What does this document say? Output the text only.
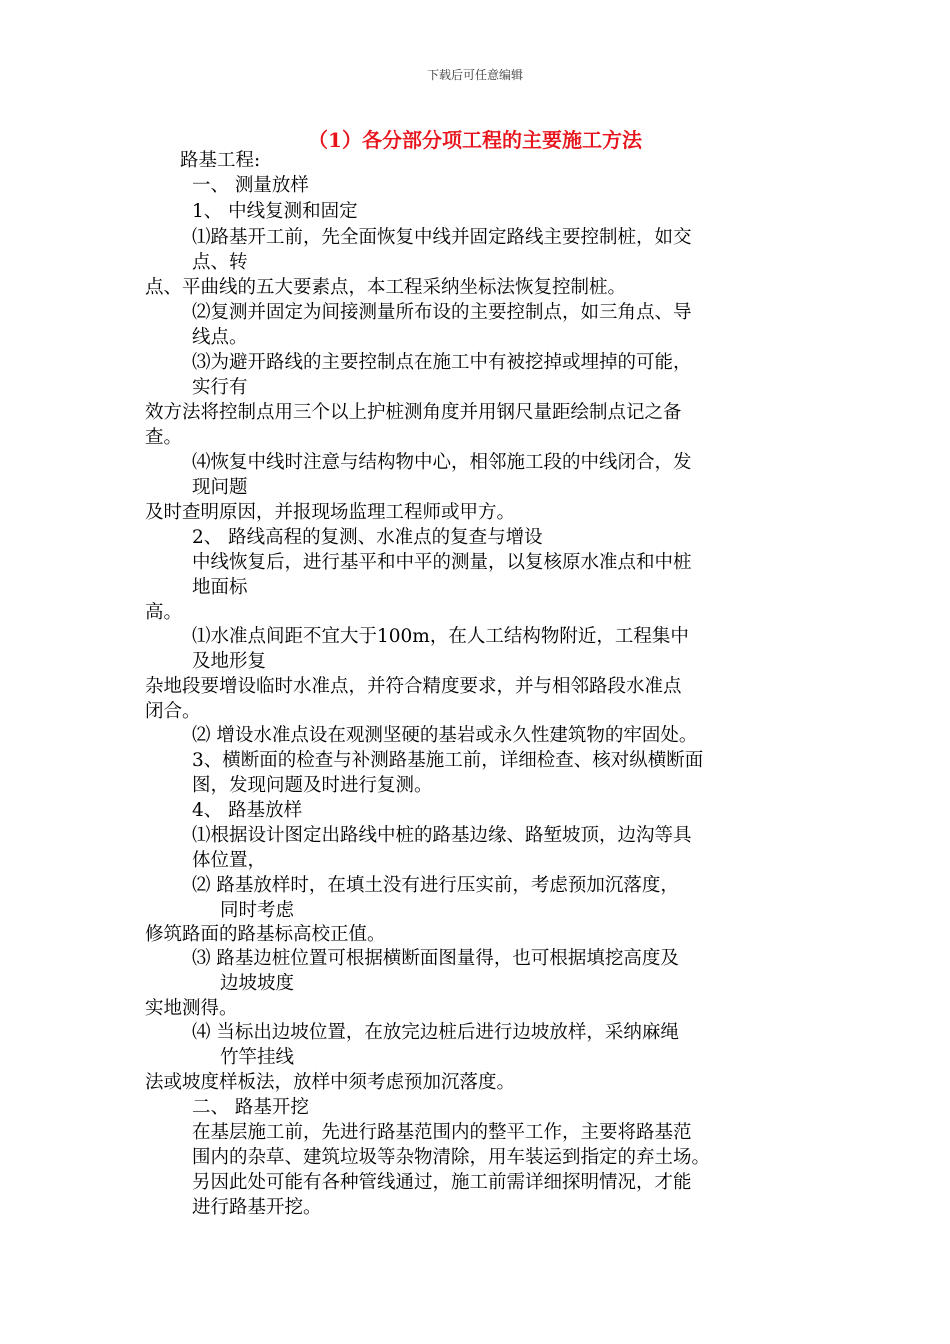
下载后可任意编辑
（1）各分部分项工程的主要施工方法
路基工程:
一、 测量放样
1、 中线复测和固定
⑴路基开工前，先全面恢复中线并固定路线主要控制桩，如交
点、转
点、平曲线的五大要素点，本工程采纳坐标法恢复控制桩。
⑵复测并固定为间接测量所布设的主要控制点，如三角点、导
线点。
⑶为避开路线的主要控制点在施工中有被挖掉或埋掉的可能，
实行有
效方法将控制点用三个以上护桩测角度并用钢尺量距绘制点记之备
查。
⑷恢复中线时注意与结构物中心，相邻施工段的中线闭合，发
现问题
及时查明原因，并报现场监理工程师或甲方。
2、 路线高程的复测、水准点的复查与增设
中线恢复后，进行基平和中平的测量，以复核原水准点和中桩
地面标
高。
⑴水准点间距不宜大于100m，在人工结构物附近，工程集中
及地形复
杂地段要增设临时水准点，并符合精度要求，并与相邻路段水准点
闭合。
⑵ 增设水准点设在观测坚硬的基岩或永久性建筑物的牢固处。
3、横断面的检查与补测路基施工前，详细检查、核对纵横断面
图，发现问题及时进行复测。
4、 路基放样
⑴根据设计图定出路线中桩的路基边缘、路堑坡顶，边沟等具
体位置，
⑵ 路基放样时，在填土没有进行压实前，考虑预加沉落度，
同时考虑
修筑路面的路基标高校正值。
⑶ 路基边桩位置可根据横断面图量得，也可根据填挖高度及
边坡坡度
实地测得。
⑷ 当标出边坡位置，在放完边桩后进行边坡放样，采纳麻绳
竹竿挂线
法或坡度样板法，放样中须考虑预加沉落度。
二、 路基开挖
在基层施工前，先进行路基范围内的整平工作，主要将路基范
围内的杂草、建筑垃圾等杂物清除，用车装运到指定的弃土场。
另因此处可能有各种管线通过，施工前需详细探明情况，才能
进行路基开挖。
